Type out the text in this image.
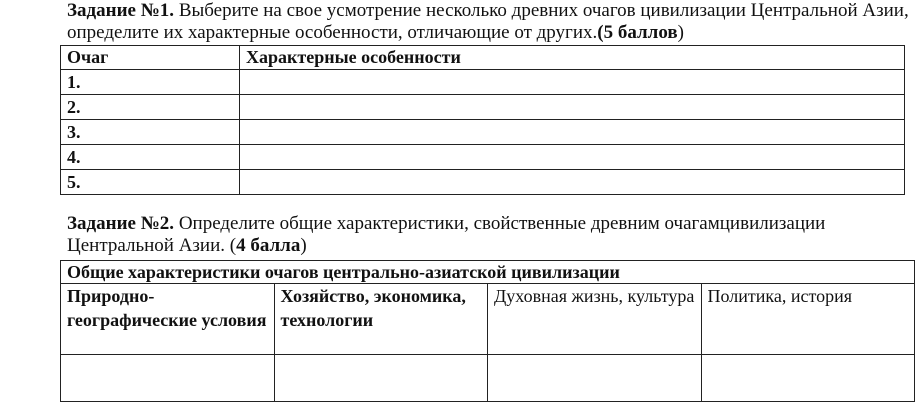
Задание №1. Выберите на свое усмотрение несколько древних очагов цивилизации Центральной Азии, определите их характерные особенности, отличающие от других.(5 баллов)

Очаг	Характерные особенности
1.	
2.	
3.	
4.	
5.	

Задание №2. Определите общие характеристики, свойственные древним очагамцивилизации Центральной Азии. (4 балла)

Общие характеристики очагов центрально-азиатской цивилизации			
Природно-географические условия	Хозяйство, экономика, технологии	Духовная жизнь, культура	Политика, история
